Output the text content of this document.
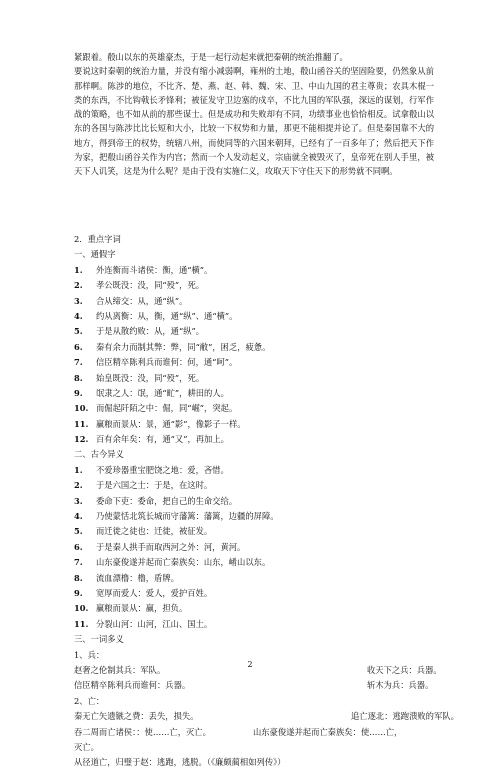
紧跟着。殽山以东的英雄豪杰，于是一起行动起来就把秦朝的统治推翻了。

要说这时秦朝的统治力量，并没有缩小减弱啊，雍州的土地，殽山函谷关的坚固险要，仍然象从前那样啊。陈涉的地位，不比齐、楚、燕、赵、韩、魏、宋、卫、中山九国的君主尊贵；农具木棍一类的东西，不比钩戟长矛锋利；被征发守卫边塞的戍卒，不比九国的军队强，深远的谋划，行军作战的策略，也不如从前的那些谋士。但是成功和失败却有不同，功绩事业也恰恰相反。试拿殽山以东的各国与陈涉比比长短和大小，比较一下权势和力量，那更不能相提并论了。但是秦国靠不大的地方，得到帝王的权势，统辖八州，而使同等的六国来朝拜，已经有了一百多年了；然后把天下作为家，把殽山函谷关作为内宫；然而一个人发动起义，宗庙就全被毁灭了，皇帝死在别人手里，被天下人讥笑，这是为什么呢？是由于没有实施仁义，攻取天下守住天下的形势就不同啊。

2．重点字词
一、通假字
1. 外连衡而斗诸侯：衡，通“横”。
2. 孝公既没：没，同“殁”，死。
3. 合从缔交：从，通“纵”。
4. 约从离衡：从，衡，通“纵”、通“横”。
5. 于是从散约败：从，通“纵”。
6. 秦有余力而制其弊：弊，同“敝”，困乏，疲惫。
7. 信臣精卒陈利兵而谁何：何，通“呵”。
8. 始皇既没：没，同“殁”，死。
9. 氓隶之人：氓，通“甿”，耕田的人。
10. 而倔起阡陌之中：倔，同“崛”，突起。
11. 赢粮而景从：景，通“影”，像影子一样。
12. 百有余年矣：有，通“又”，再加上。
二、古今异义
1. 不爱珍器重宝肥饶之地：爱，吝惜。
2. 于是六国之士：于是，在这时。
3. 委命下吏：委命，把自己的生命交给。
4. 乃使蒙恬北筑长城而守藩篱：藩篱，边疆的屏障。
5. 而迁徙之徒也：迁徙，被征发。
6. 于是秦人拱手而取西河之外：河，黄河。
7. 山东豪俊遂并起而亡秦族矣：山东，崤山以东。
8. 流血漂橹：橹，盾牌。
9. 宽厚而爱人：爱人，爱护百姓。
10. 赢粮而景从：赢，担负。
11. 分裂山河：山河，江山、国土。
三、一词多义
1、兵：
赵奢之伦制其兵：军队。	收天下之兵：兵器。
信臣精卒陈利兵而谁何：兵器。	斩木为兵：兵器。
2、亡：
秦无亡矢遗镞之费：丢失，损失。	追亡逐北：逃跑溃败的军队。
吞二周而亡诸侯：：使……亡，灭亡。	山东豪俊遂并起而亡秦族矣：使……亡，
灭亡。
从径道亡，归璧于赵：逃跑，逃脱。（《廉颇蔺相如列传》）
2
